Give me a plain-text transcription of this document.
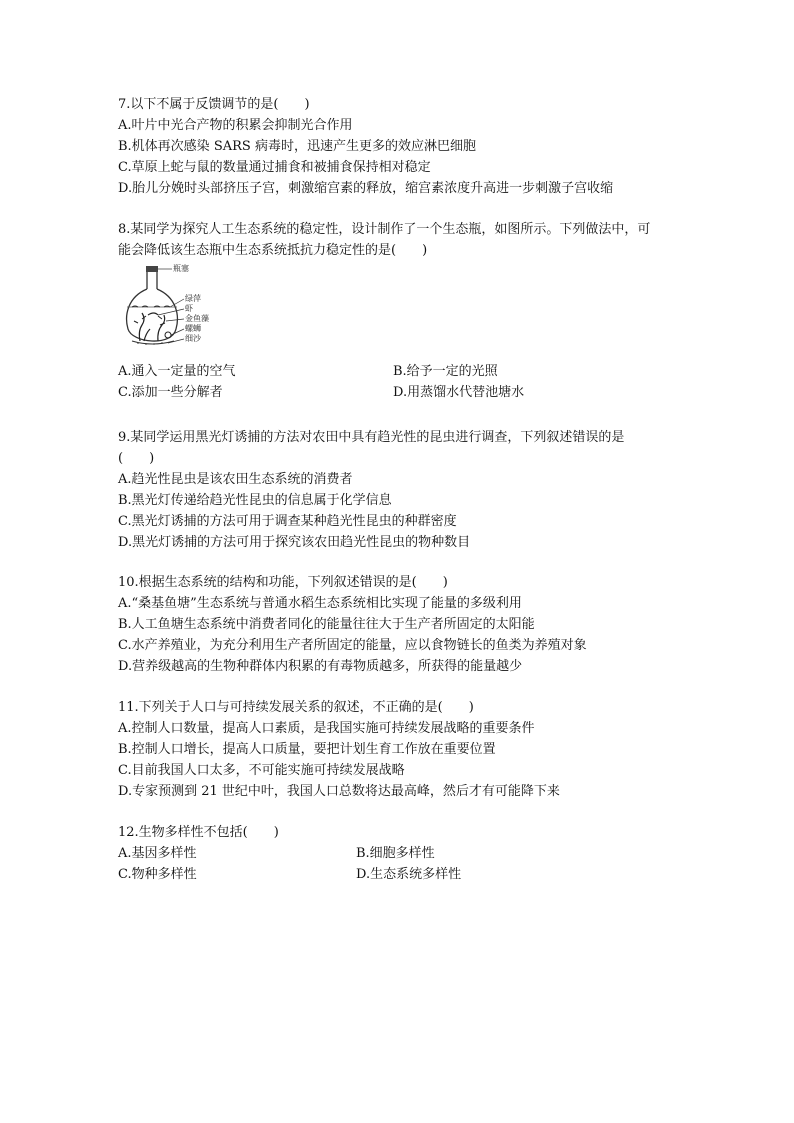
7.以下不属于反馈调节的是(　　)
A.叶片中光合产物的积累会抑制光合作用
B.机体再次感染 SARS 病毒时，迅速产生更多的效应淋巴细胞
C.草原上蛇与鼠的数量通过捕食和被捕食保持相对稳定
D.胎儿分娩时头部挤压子宫，刺激缩宫素的释放，缩宫素浓度升高进一步刺激子宫收缩
8.某同学为探究人工生态系统的稳定性，设计制作了一个生态瓶，如图所示。下列做法中，可
能会降低该生态瓶中生态系统抵抗力稳定性的是(　　)
瓶塞
绿萍
虾
金鱼藻
螺蛳
细沙
A.通入一定量的空气	B.给予一定的光照
C.添加一些分解者	D.用蒸馏水代替池塘水
9.某同学运用黑光灯诱捕的方法对农田中具有趋光性的昆虫进行调查，下列叙述错误的是
(　　)
A.趋光性昆虫是该农田生态系统的消费者
B.黑光灯传递给趋光性昆虫的信息属于化学信息
C.黑光灯诱捕的方法可用于调查某种趋光性昆虫的种群密度
D.黑光灯诱捕的方法可用于探究该农田趋光性昆虫的物种数目
10.根据生态系统的结构和功能，下列叙述错误的是(　　)
A.“桑基鱼塘”生态系统与普通水稻生态系统相比实现了能量的多级利用
B.人工鱼塘生态系统中消费者同化的能量往往大于生产者所固定的太阳能
C.水产养殖业，为充分利用生产者所固定的能量，应以食物链长的鱼类为养殖对象
D.营养级越高的生物种群体内积累的有毒物质越多，所获得的能量越少
11.下列关于人口与可持续发展关系的叙述，不正确的是(　　)
A.控制人口数量，提高人口素质，是我国实施可持续发展战略的重要条件
B.控制人口增长，提高人口质量，要把计划生育工作放在重要位置
C.目前我国人口太多，不可能实施可持续发展战略
D.专家预测到 21 世纪中叶，我国人口总数将达最高峰，然后才有可能降下来
12.生物多样性不包括(　　)
A.基因多样性	B.细胞多样性
C.物种多样性	D.生态系统多样性
